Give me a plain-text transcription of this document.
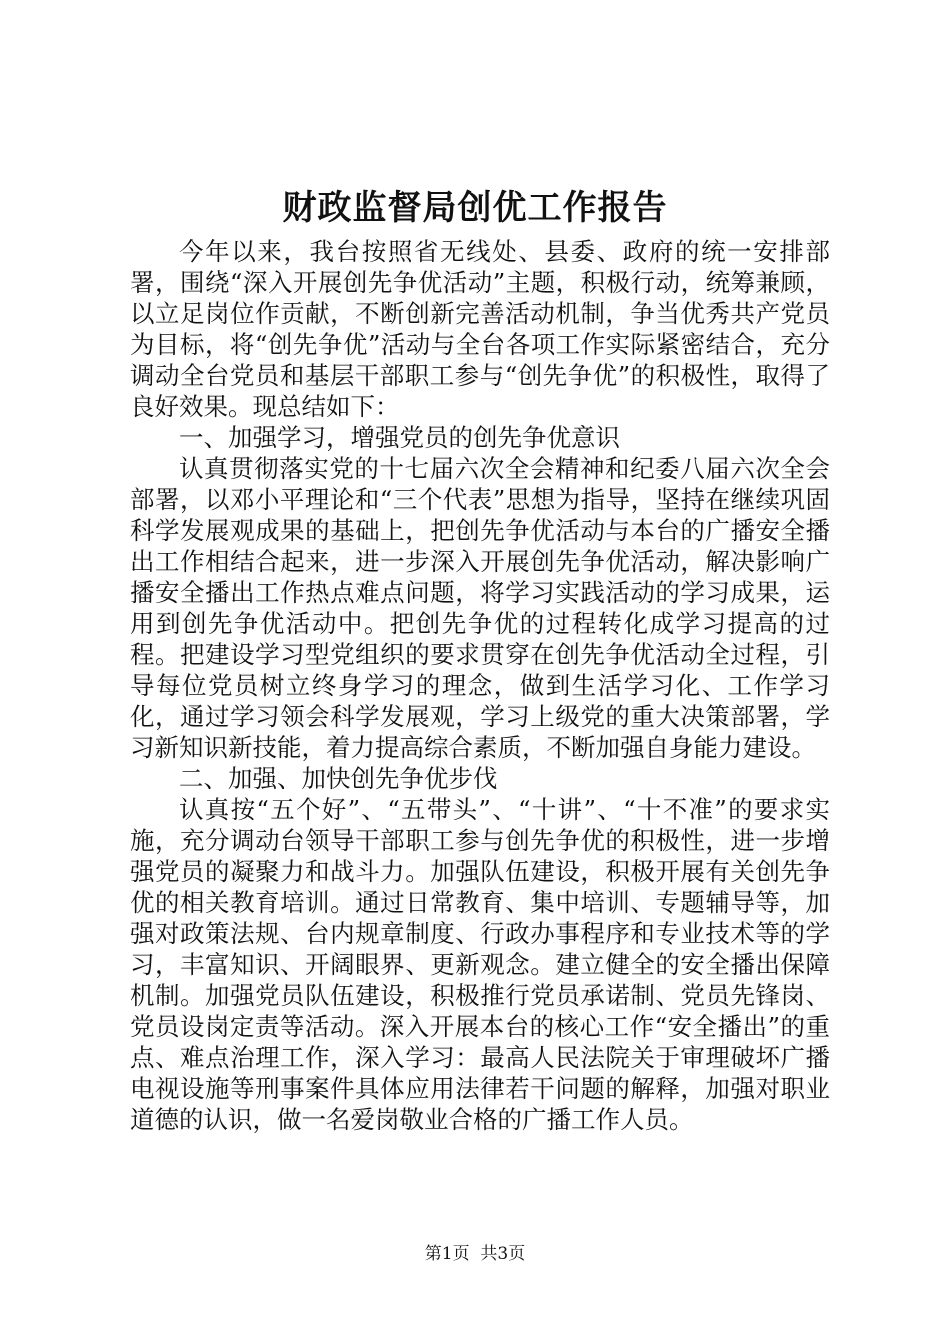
财政监督局创优工作报告

今年以来，我台按照省无线处、县委、政府的统一安排部署，围绕“深入开展创先争优活动”主题，积极行动，统筹兼顾，以立足岗位作贡献，不断创新完善活动机制，争当优秀共产党员为目标，将“创先争优”活动与全台各项工作实际紧密结合，充分调动全台党员和基层干部职工参与“创先争优”的积极性，取得了良好效果。现总结如下：

一、加强学习，增强党员的创先争优意识

认真贯彻落实党的十七届六次全会精神和纪委八届六次全会部署，以邓小平理论和“三个代表”思想为指导，坚持在继续巩固科学发展观成果的基础上，把创先争优活动与本台的广播安全播出工作相结合起来，进一步深入开展创先争优活动，解决影响广播安全播出工作热点难点问题，将学习实践活动的学习成果，运用到创先争优活动中。把创先争优的过程转化成学习提高的过程。把建设学习型党组织的要求贯穿在创先争优活动全过程，引导每位党员树立终身学习的理念，做到生活学习化、工作学习化，通过学习领会科学发展观，学习上级党的重大决策部署，学习新知识新技能，着力提高综合素质，不断加强自身能力建设。

二、加强、加快创先争优步伐

认真按“五个好”、“五带头”、“十讲”、“十不准”的要求实施，充分调动台领导干部职工参与创先争优的积极性，进一步增强党员的凝聚力和战斗力。加强队伍建设，积极开展有关创先争优的相关教育培训。通过日常教育、集中培训、专题辅导等，加强对政策法规、台内规章制度、行政办事程序和专业技术等的学习，丰富知识、开阔眼界、更新观念。建立健全的安全播出保障机制。加强党员队伍建设，积极推行党员承诺制、党员先锋岗、党员设岗定责等活动。深入开展本台的核心工作“安全播出”的重点、难点治理工作，深入学习：最高人民法院关于审理破坏广播电视设施等刑事案件具体应用法律若干问题的解释，加强对职业道德的认识，做一名爱岗敬业合格的广播工作人员。

第1页 共3页
